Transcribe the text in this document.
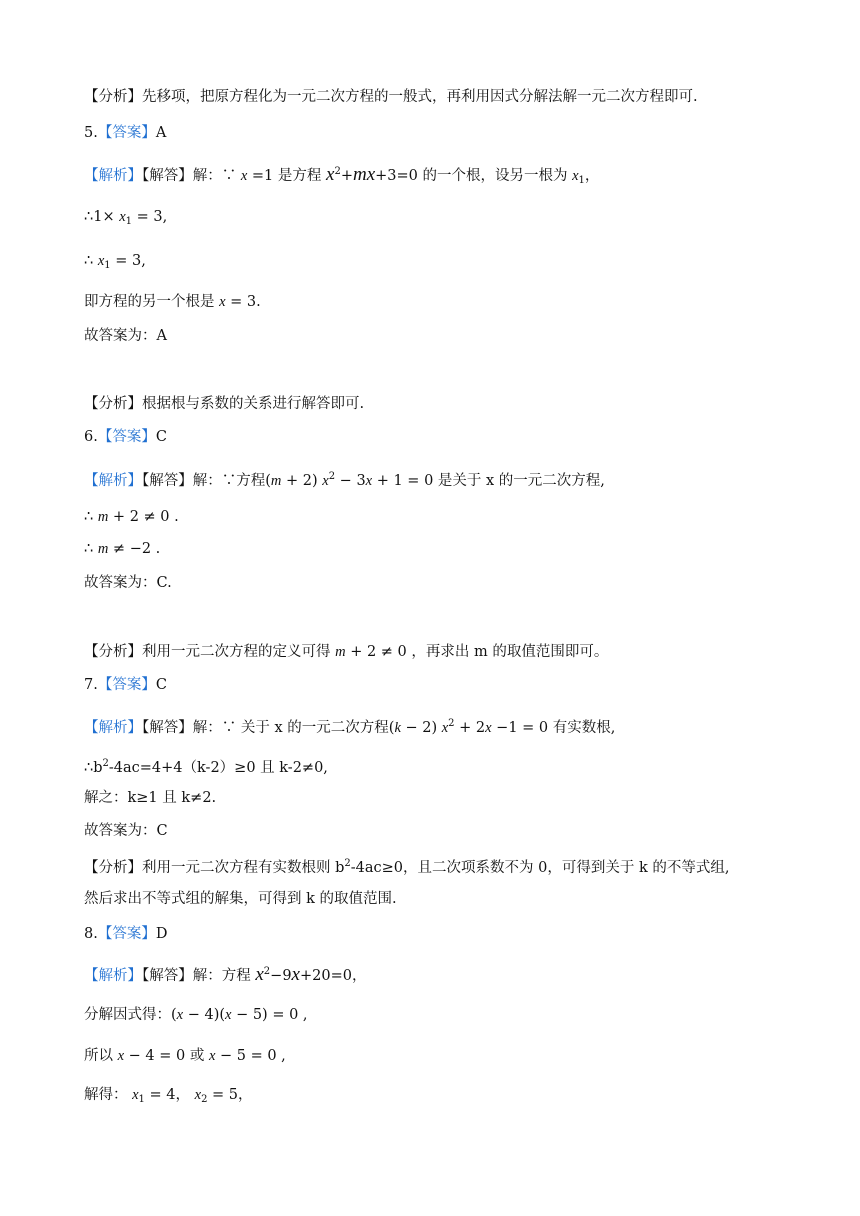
【分析】先移项，把原方程化为一元二次方程的一般式，再利用因式分解法解一元二次方程即可.
5.【答案】A
【解析】【解答】解：∵ x =1 是方程 $x^2+mx+3=0$ 的一个根，设另一根为 $x_1$，
∴1× $x_1 = 3$,
∴ $x_1 = 3$,
即方程的另一个根是 x = 3.
故答案为：A
【分析】根据根与系数的关系进行解答即可.
6.【答案】C
【解析】【解答】解：∵方程(m + 2) $x^2 - 3x + 1 = 0$ 是关于 x 的一元二次方程,
∴ m + 2 ≠ 0 .
∴ m ≠ −2 .
故答案为：C.
【分析】利用一元二次方程的定义可得 m + 2 ≠ 0 ，再求出 m 的取值范围即可。
7.【答案】C
【解析】【解答】解：∵ 关于 x 的一元二次方程(k − 2) $x^2 + 2x -1 = 0$ 有实数根,
$\therefore b^2-4ac=4+4(k-2)\ge 0$ 且 k-2≠0,
解之：k≥1 且 k≠2.
故答案为：C
【分析】利用一元二次方程有实数根则 $b^2-4ac\ge 0$，且二次项系数不为 0，可得到关于 k 的不等式组,
然后求出不等式组的解集，可得到 k 的取值范围.
8.【答案】D
【解析】【解答】解：方程 $x^2-9x+20=0$，
分解因式得：(x − 4)(x − 5) = 0 ,
所以 x − 4 = 0 或 x − 5 = 0 ,
解得： $x_1 = 4$， $x_2 = 5$，
